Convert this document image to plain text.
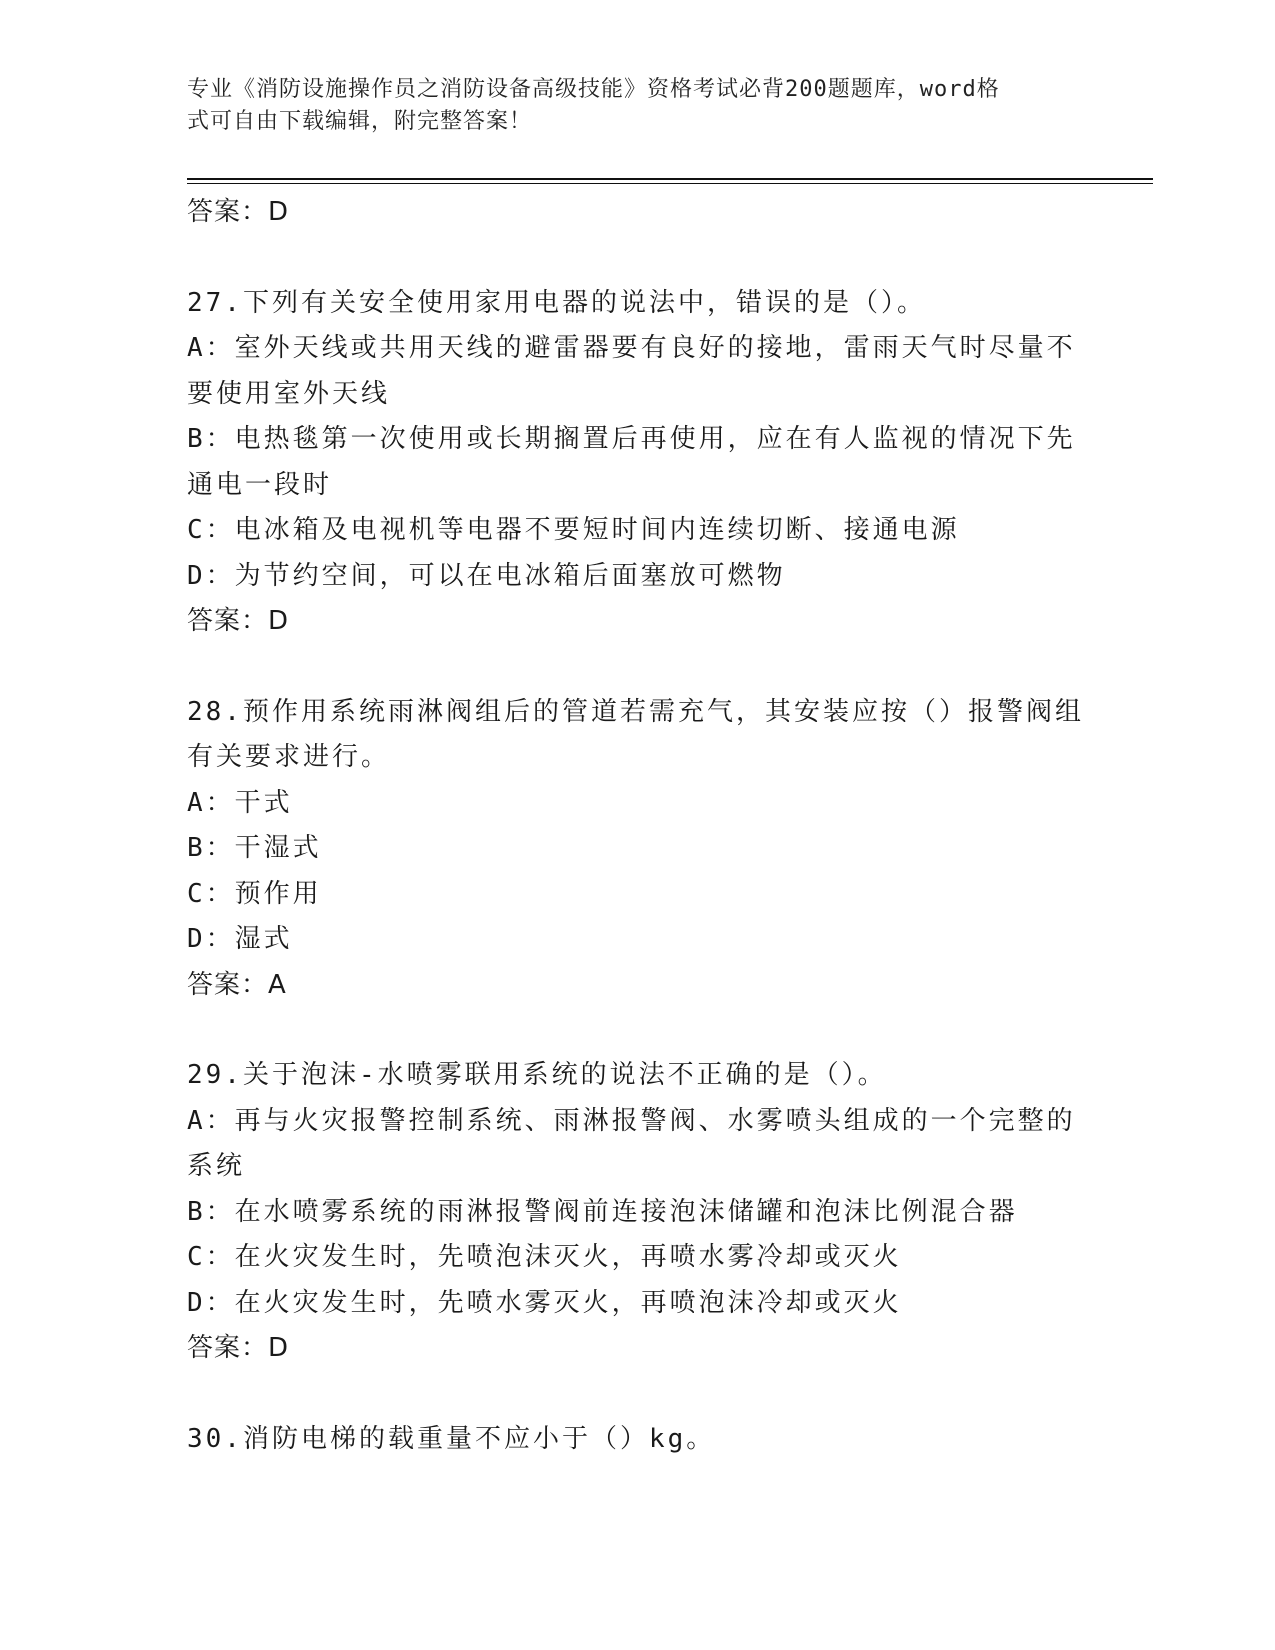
专业《消防设施操作员之消防设备高级技能》资格考试必背200题题库，word格
式可自由下载编辑，附完整答案！
答案：D
27.下列有关安全使用家用电器的说法中，错误的是（）。
A：室外天线或共用天线的避雷器要有良好的接地，雷雨天气时尽量不
要使用室外天线
B：电热毯第一次使用或长期搁置后再使用，应在有人监视的情况下先
通电一段时
C：电冰箱及电视机等电器不要短时间内连续切断、接通电源
D：为节约空间，可以在电冰箱后面塞放可燃物
答案：D
28.预作用系统雨淋阀组后的管道若需充气，其安装应按（）报警阀组
有关要求进行。
A：干式
B：干湿式
C：预作用
D：湿式
答案：A
29.关于泡沫-水喷雾联用系统的说法不正确的是（）。
A：再与火灾报警控制系统、雨淋报警阀、水雾喷头组成的一个完整的
系统
B：在水喷雾系统的雨淋报警阀前连接泡沫储罐和泡沫比例混合器
C：在火灾发生时，先喷泡沫灭火，再喷水雾冷却或灭火
D：在火灾发生时，先喷水雾灭火，再喷泡沫冷却或灭火
答案：D
30.消防电梯的载重量不应小于（）kg。
